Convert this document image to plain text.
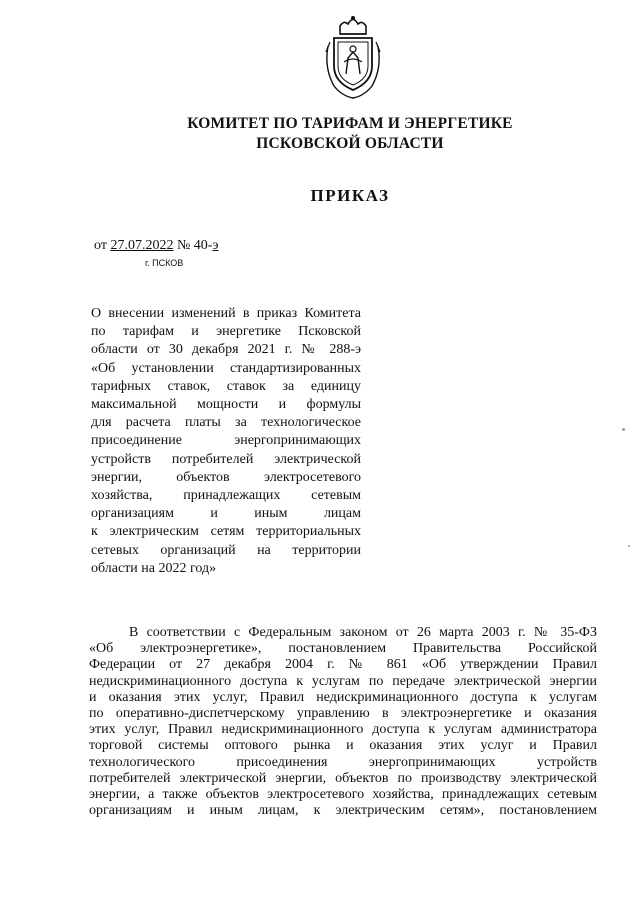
КОМИТЕТ ПО ТАРИФАМ И ЭНЕРГЕТИКЕ
ПСКОВСКОЙ ОБЛАСТИ
ПРИКАЗ
от 27.07.2022 № 40-э
г. ПСКОВ
О внесении изменений в приказ Комитета
по тарифам и энергетике Псковской
области от 30 декабря 2021 г. № 288-э
«Об установлении стандартизированных
тарифных ставок, ставок за единицу
максимальной мощности и формулы
для расчета платы за технологическое
присоединение энергопринимающих
устройств потребителей электрической
энергии, объектов электросетевого
хозяйства, принадлежащих сетевым
организациям и иным лицам
к электрическим сетям территориальных
сетевых организаций на территории
области на 2022 год»
В соответствии с Федеральным законом от 26 марта 2003 г. № 35-ФЗ
«Об электроэнергетике», постановлением Правительства Российской
Федерации от 27 декабря 2004 г. № 861 «Об утверждении Правил
недискриминационного доступа к услугам по передаче электрической энергии
и оказания этих услуг, Правил недискриминационного доступа к услугам
по оперативно-диспетчерскому управлению в электроэнергетике и оказания
этих услуг, Правил недискриминационного доступа к услугам администратора
торговой системы оптового рынка и оказания этих услуг и Правил
технологического присоединения энергопринимающих устройств
потребителей электрической энергии, объектов по производству электрической
энергии, а также объектов электросетевого хозяйства, принадлежащих сетевым
организациям и иным лицам, к электрическим сетям», постановлением
